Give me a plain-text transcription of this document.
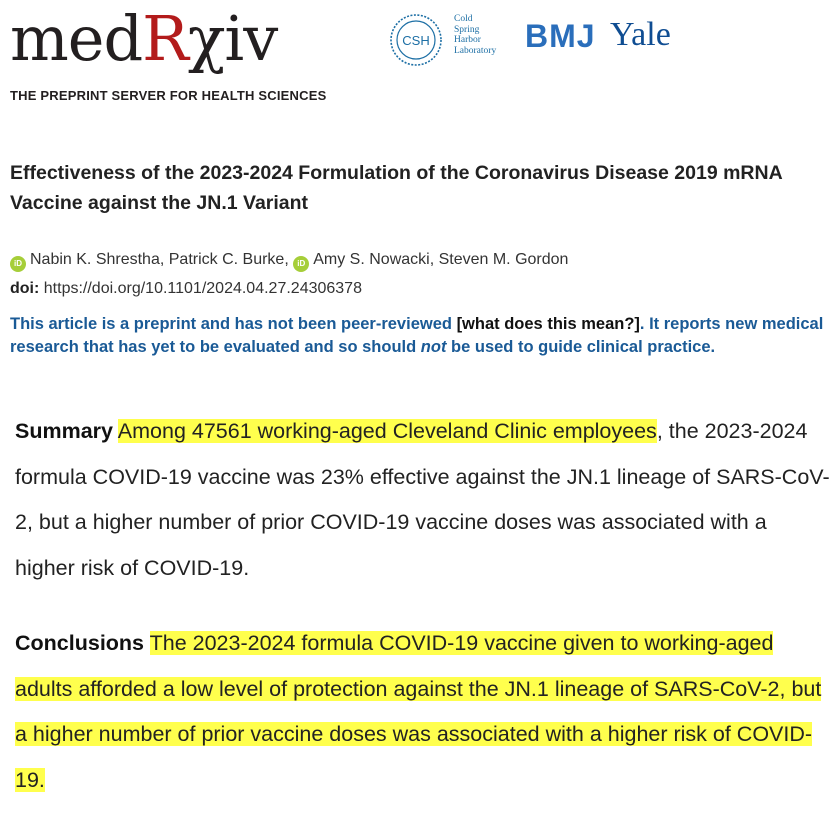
medRχiv
THE PREPRINT SERVER FOR HEALTH SCIENCES
CSH
Cold
Spring
Harbor
Laboratory BMJ Yale
Effectiveness of the 2023-2024 Formulation of the Coronavirus Disease 2019 mRNA Vaccine against the JN.1 Variant
iD Nabin K. Shrestha, Patrick C. Burke, iD Amy S. Nowacki, Steven M. Gordon
doi: https://doi.org/10.1101/2024.04.27.24306378
This article is a preprint and has not been peer-reviewed [what does this mean?]. It reports new medical research that has yet to be evaluated and so should not be used to guide clinical practice.
Summary Among 47561 working-aged Cleveland Clinic employees, the 2023-2024 formula COVID-19 vaccine was 23% effective against the JN.1 lineage of SARS-CoV-2, but a higher number of prior COVID-19 vaccine doses was associated with a higher risk of COVID-19.
Conclusions The 2023-2024 formula COVID-19 vaccine given to working-aged adults afforded a low level of protection against the JN.1 lineage of SARS-CoV-2, but a higher number of prior vaccine doses was associated with a higher risk of COVID-19.
